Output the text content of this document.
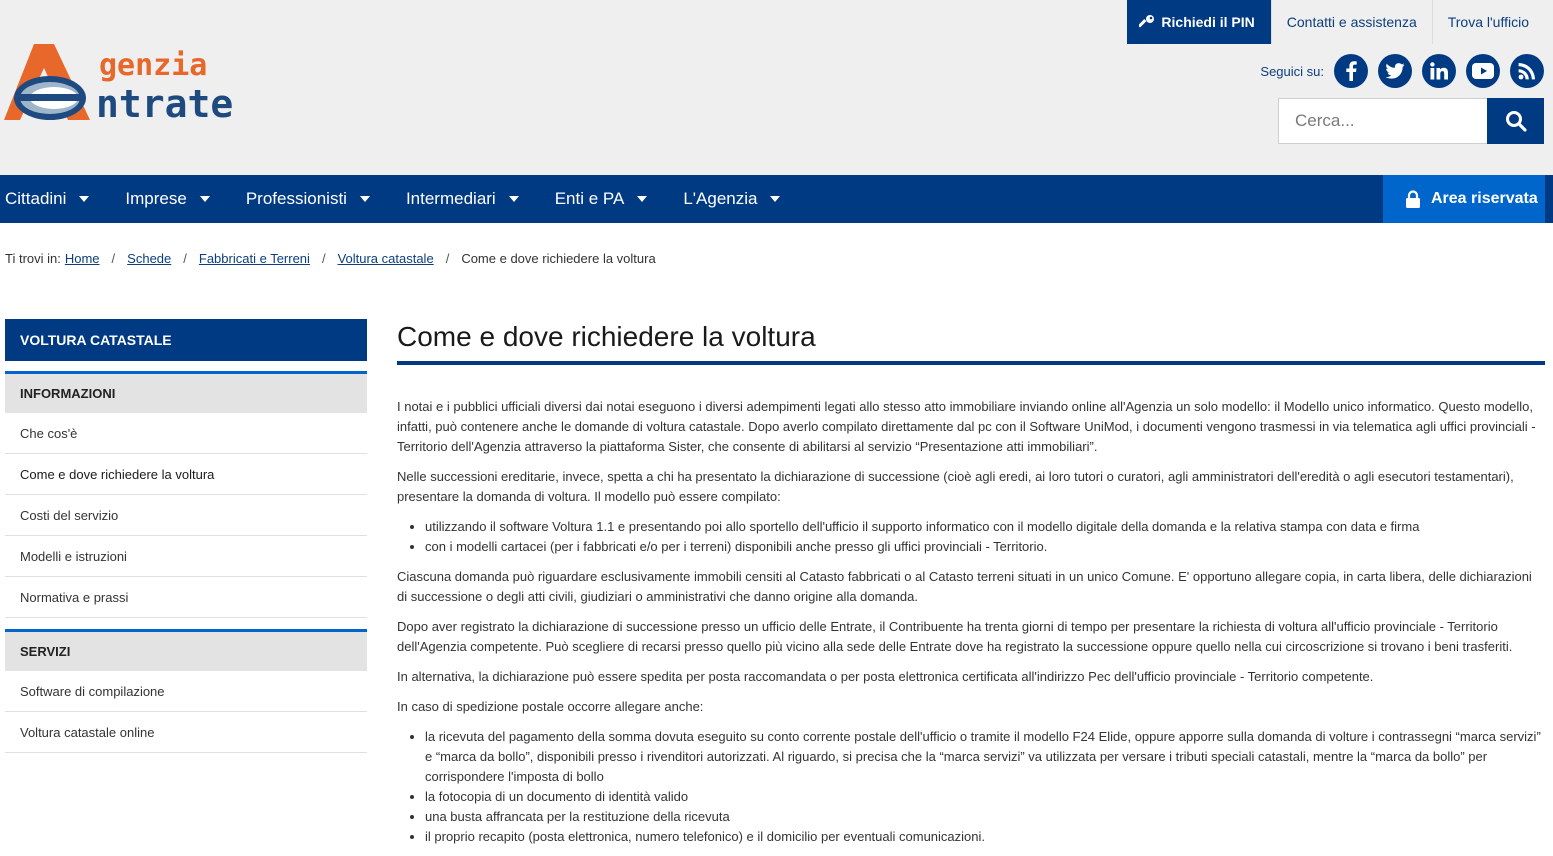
genzia
ntrate
Richiedi il PIN	Contatti e assistenza	Trova l'ufficio
Seguici su:
Cerca...
Cittadini	Imprese	Professionisti	Intermediari	Enti e PA	L'Agenzia	Area riservata
Ti trovi in: Home / Schede / Fabbricati e Terreni / Voltura catastale / Come e dove richiedere la voltura
VOLTURA CATASTALE
INFORMAZIONI
Che cos'è
Come e dove richiedere la voltura
Costi del servizio
Modelli e istruzioni
Normativa e prassi
SERVIZI
Software di compilazione
Voltura catastale online
Come e dove richiedere la voltura

I notai e i pubblici ufficiali diversi dai notai eseguono i diversi adempimenti legati allo stesso atto immobiliare inviando online all'Agenzia un solo modello: il Modello unico informatico. Questo modello, infatti, può contenere anche le domande di voltura catastale. Dopo averlo compilato direttamente dal pc con il Software UniMod, i documenti vengono trasmessi in via telematica agli uffici provinciali - Territorio dell'Agenzia attraverso la piattaforma Sister, che consente di abilitarsi al servizio “Presentazione atti immobiliari”.

Nelle successioni ereditarie, invece, spetta a chi ha presentato la dichiarazione di successione (cioè agli eredi, ai loro tutori o curatori, agli amministratori dell'eredità o agli esecutori testamentari), presentare la domanda di voltura. Il modello può essere compilato:

• utilizzando il software Voltura 1.1 e presentando poi allo sportello dell'ufficio il supporto informatico con il modello digitale della domanda e la relativa stampa con data e firma
• con i modelli cartacei (per i fabbricati e/o per i terreni) disponibili anche presso gli uffici provinciali - Territorio.

Ciascuna domanda può riguardare esclusivamente immobili censiti al Catasto fabbricati o al Catasto terreni situati in un unico Comune. E' opportuno allegare copia, in carta libera, delle dichiarazioni di successione o degli atti civili, giudiziari o amministrativi che danno origine alla domanda.

Dopo aver registrato la dichiarazione di successione presso un ufficio delle Entrate, il Contribuente ha trenta giorni di tempo per presentare la richiesta di voltura all'ufficio provinciale - Territorio dell'Agenzia competente. Può scegliere di recarsi presso quello più vicino alla sede delle Entrate dove ha registrato la successione oppure quello nella cui circoscrizione si trovano i beni trasferiti.

In alternativa, la dichiarazione può essere spedita per posta raccomandata o per posta elettronica certificata all'indirizzo Pec dell'ufficio provinciale - Territorio competente.

In caso di spedizione postale occorre allegare anche:

• la ricevuta del pagamento della somma dovuta eseguito su conto corrente postale dell'ufficio o tramite il modello F24 Elide, oppure apporre sulla domanda di volture i contrassegni “marca servizi” e “marca da bollo”, disponibili presso i rivenditori autorizzati. Al riguardo, si precisa che la “marca servizi” va utilizzata per versare i tributi speciali catastali, mentre la “marca da bollo” per corrispondere l'imposta di bollo
• la fotocopia di un documento di identità valido
• una busta affrancata per la restituzione della ricevuta
• il proprio recapito (posta elettronica, numero telefonico) e il domicilio per eventuali comunicazioni.
